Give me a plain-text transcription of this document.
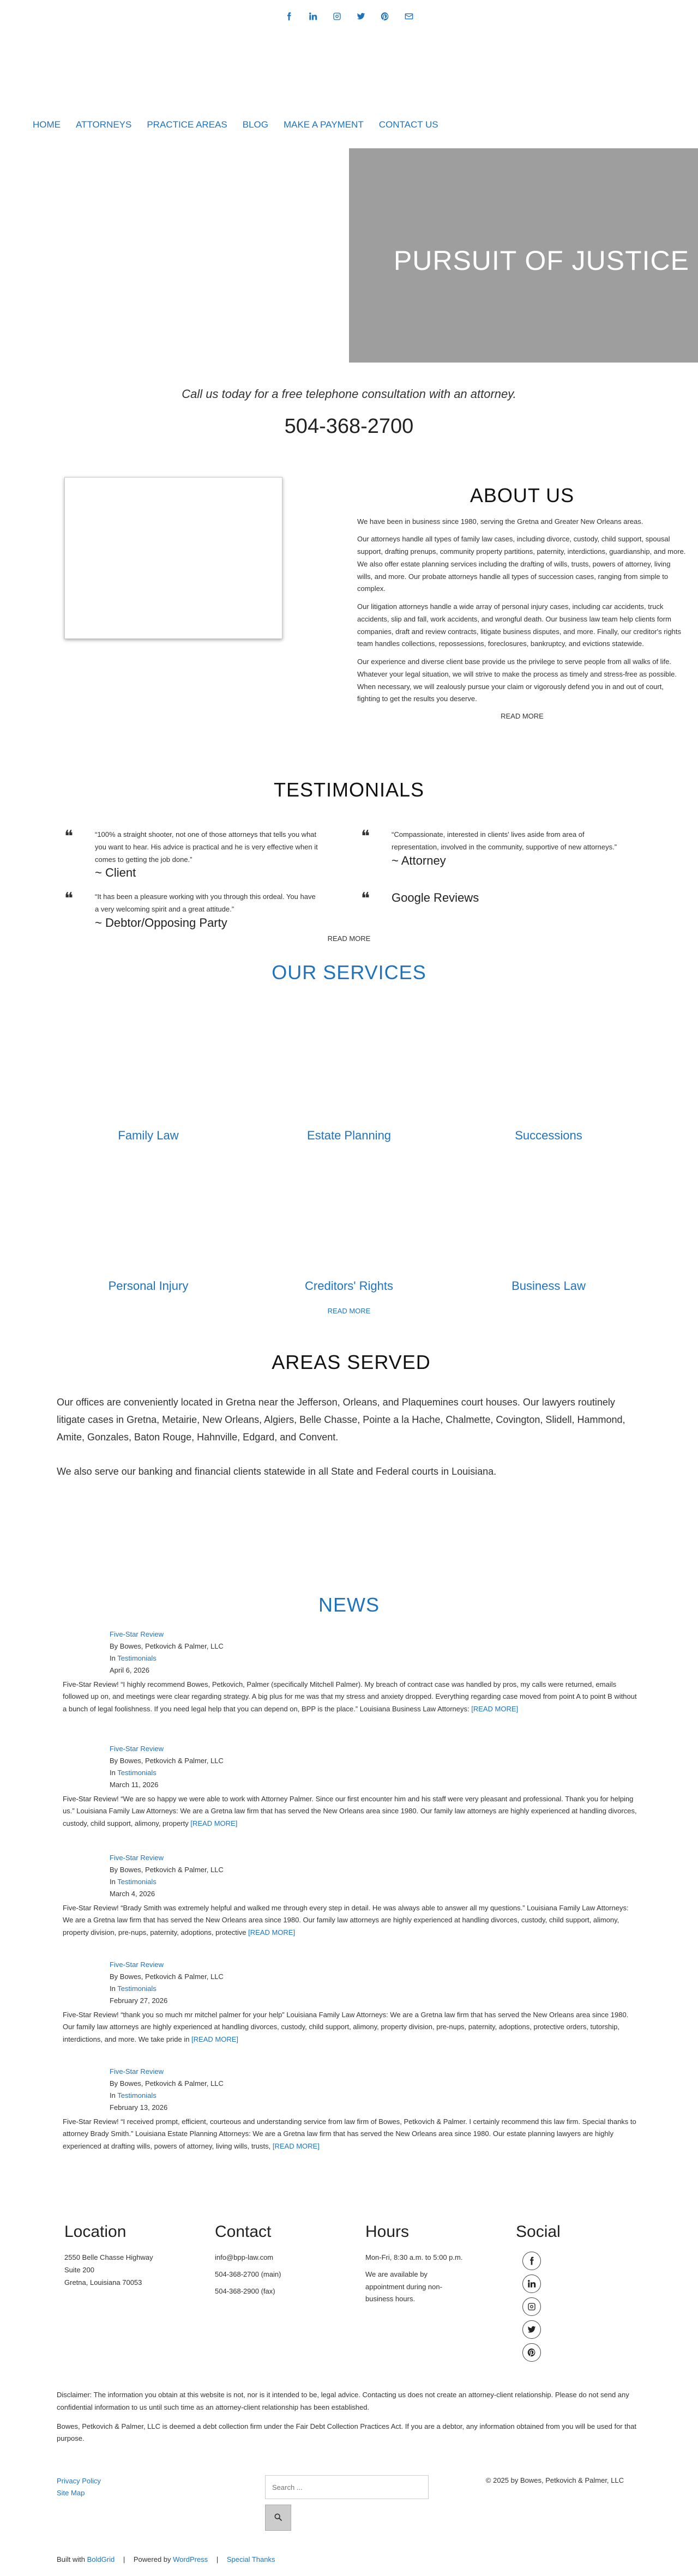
HOME ATTORNEYS PRACTICE AREAS BLOG MAKE A PAYMENT CONTACT US
PURSUIT OF JUSTICE

Call us today for a free telephone consultation with an attorney.

504-368-2700
ABOUT US

We have been in business since 1980, serving the Gretna and Greater New Orleans areas.

Our attorneys handle all types of family law cases, including divorce, custody, child support, spousal support, drafting prenups, community property partitions, paternity, interdictions, guardianship, and more. We also offer estate planning services including the drafting of wills, trusts, powers of attorney, living wills, and more. Our probate attorneys handle all types of succession cases, ranging from simple to complex.

Our litigation attorneys handle a wide array of personal injury cases, including car accidents, truck accidents, slip and fall, work accidents, and wrongful death. Our business law team help clients form companies, draft and review contracts, litigate business disputes, and more. Finally, our creditor's rights team handles collections, repossessions, foreclosures, bankruptcy, and evictions statewide.

Our experience and diverse client base provide us the privilege to serve people from all walks of life. Whatever your legal situation, we will strive to make the process as timely and stress-free as possible. When necessary, we will zealously pursue your claim or vigorously defend you in and out of court, fighting to get the results you deserve.

READ MORE
TESTIMONIALS
❝	“100% a straight shooter, not one of those attorneys that tells you what you want to hear. His advice is practical and he is very effective when it comes to getting the job done.”
~ Client
❝	“Compassionate, interested in clients' lives aside from area of representation, involved in the community, supportive of new attorneys.”
~ Attorney
❝	“It has been a pleasure working with you through this ordeal. You have a very welcoming spirit and a great attitude.”
~ Debtor/Opposing Party
❝ Google Reviews
READ MORE
OUR SERVICES
Family Law	Estate Planning	Successions
Personal Injury	Creditors' Rights	Business Law
READ MORE
AREAS SERVED

Our offices are conveniently located in Gretna near the Jefferson, Orleans, and Plaquemines court houses. Our lawyers routinely litigate cases in Gretna, Metairie, New Orleans, Algiers, Belle Chasse, Pointe a la Hache, Chalmette, Covington, Slidell, Hammond, Amite, Gonzales, Baton Rouge, Hahnville, Edgard, and Convent.

We also serve our banking and financial clients statewide in all State and Federal courts in Louisiana.

NEWS
Five-Star Review
By Bowes, Petkovich & Palmer, LLC
In Testimonials
April 6, 2026
Five-Star Review! “I highly recommend Bowes, Petkovich, Palmer (specifically Mitchell Palmer). My breach of contract case was handled by pros, my calls were returned, emails followed up on, and meetings were clear regarding strategy. A big plus for me was that my stress and anxiety dropped. Everything regarding case moved from point A to point B without a bunch of legal foolishness. If you need legal help that you can depend on, BPP is the place.” Louisiana Business Law Attorneys: [READ MORE]
Five-Star Review
By Bowes, Petkovich & Palmer, LLC
In Testimonials
March 11, 2026
Five-Star Review! “We are so happy we were able to work with Attorney Palmer. Since our first encounter him and his staff were very pleasant and professional. Thank you for helping us.” Louisiana Family Law Attorneys: We are a Gretna law firm that has served the New Orleans area since 1980. Our family law attorneys are highly experienced at handling divorces, custody, child support, alimony, property [READ MORE]
Five-Star Review
By Bowes, Petkovich & Palmer, LLC
In Testimonials
March 4, 2026
Five-Star Review! “Brady Smith was extremely helpful and walked me through every step in detail. He was always able to answer all my questions.” Louisiana Family Law Attorneys: We are a Gretna law firm that has served the New Orleans area since 1980. Our family law attorneys are highly experienced at handling divorces, custody, child support, alimony, property division, pre-nups, paternity, adoptions, protective [READ MORE]
Five-Star Review
By Bowes, Petkovich & Palmer, LLC
In Testimonials
February 27, 2026
Five-Star Review! “thank you so much mr mitchel palmer for your help” Louisiana Family Law Attorneys: We are a Gretna law firm that has served the New Orleans area since 1980. Our family law attorneys are highly experienced at handling divorces, custody, child support, alimony, property division, pre-nups, paternity, adoptions, protective orders, tutorship, interdictions, and more. We take pride in [READ MORE]
Five-Star Review
By Bowes, Petkovich & Palmer, LLC
In Testimonials
February 13, 2026
Five-Star Review! “I received prompt, efficient, courteous and understanding service from law firm of Bowes, Petkovich & Palmer. I certainly recommend this law firm. Special thanks to attorney Brady Smith.” Louisiana Estate Planning Attorneys: We are a Gretna law firm that has served the New Orleans area since 1980. Our estate planning lawyers are highly experienced at drafting wills, powers of attorney, living wills, trusts, [READ MORE]
Location

2550 Belle Chasse Highway

Suite 200

Gretna, Louisiana 70053

Contact

info@bpp-law.com

504-368-2700 (main)

504-368-2900 (fax)

Hours

Mon-Fri, 8:30 a.m. to 5:00 p.m.

We are available by appointment during non-business hours.

Social

Disclaimer: The information you obtain at this website is not, nor is it intended to be, legal advice. Contacting us does not create an attorney-client relationship. Please do not send any confidential information to us until such time as an attorney-client relationship has been established.

Bowes, Petkovich & Palmer, LLC is deemed a debt collection firm under the Fair Debt Collection Practices Act. If you are a debtor, any information obtained from you will be used for that purpose.

Privacy Policy
Site Map
Search ...
© 2025 by Bowes, Petkovich & Palmer, LLC
Built with BoldGrid | Powered by WordPress | Special Thanks
